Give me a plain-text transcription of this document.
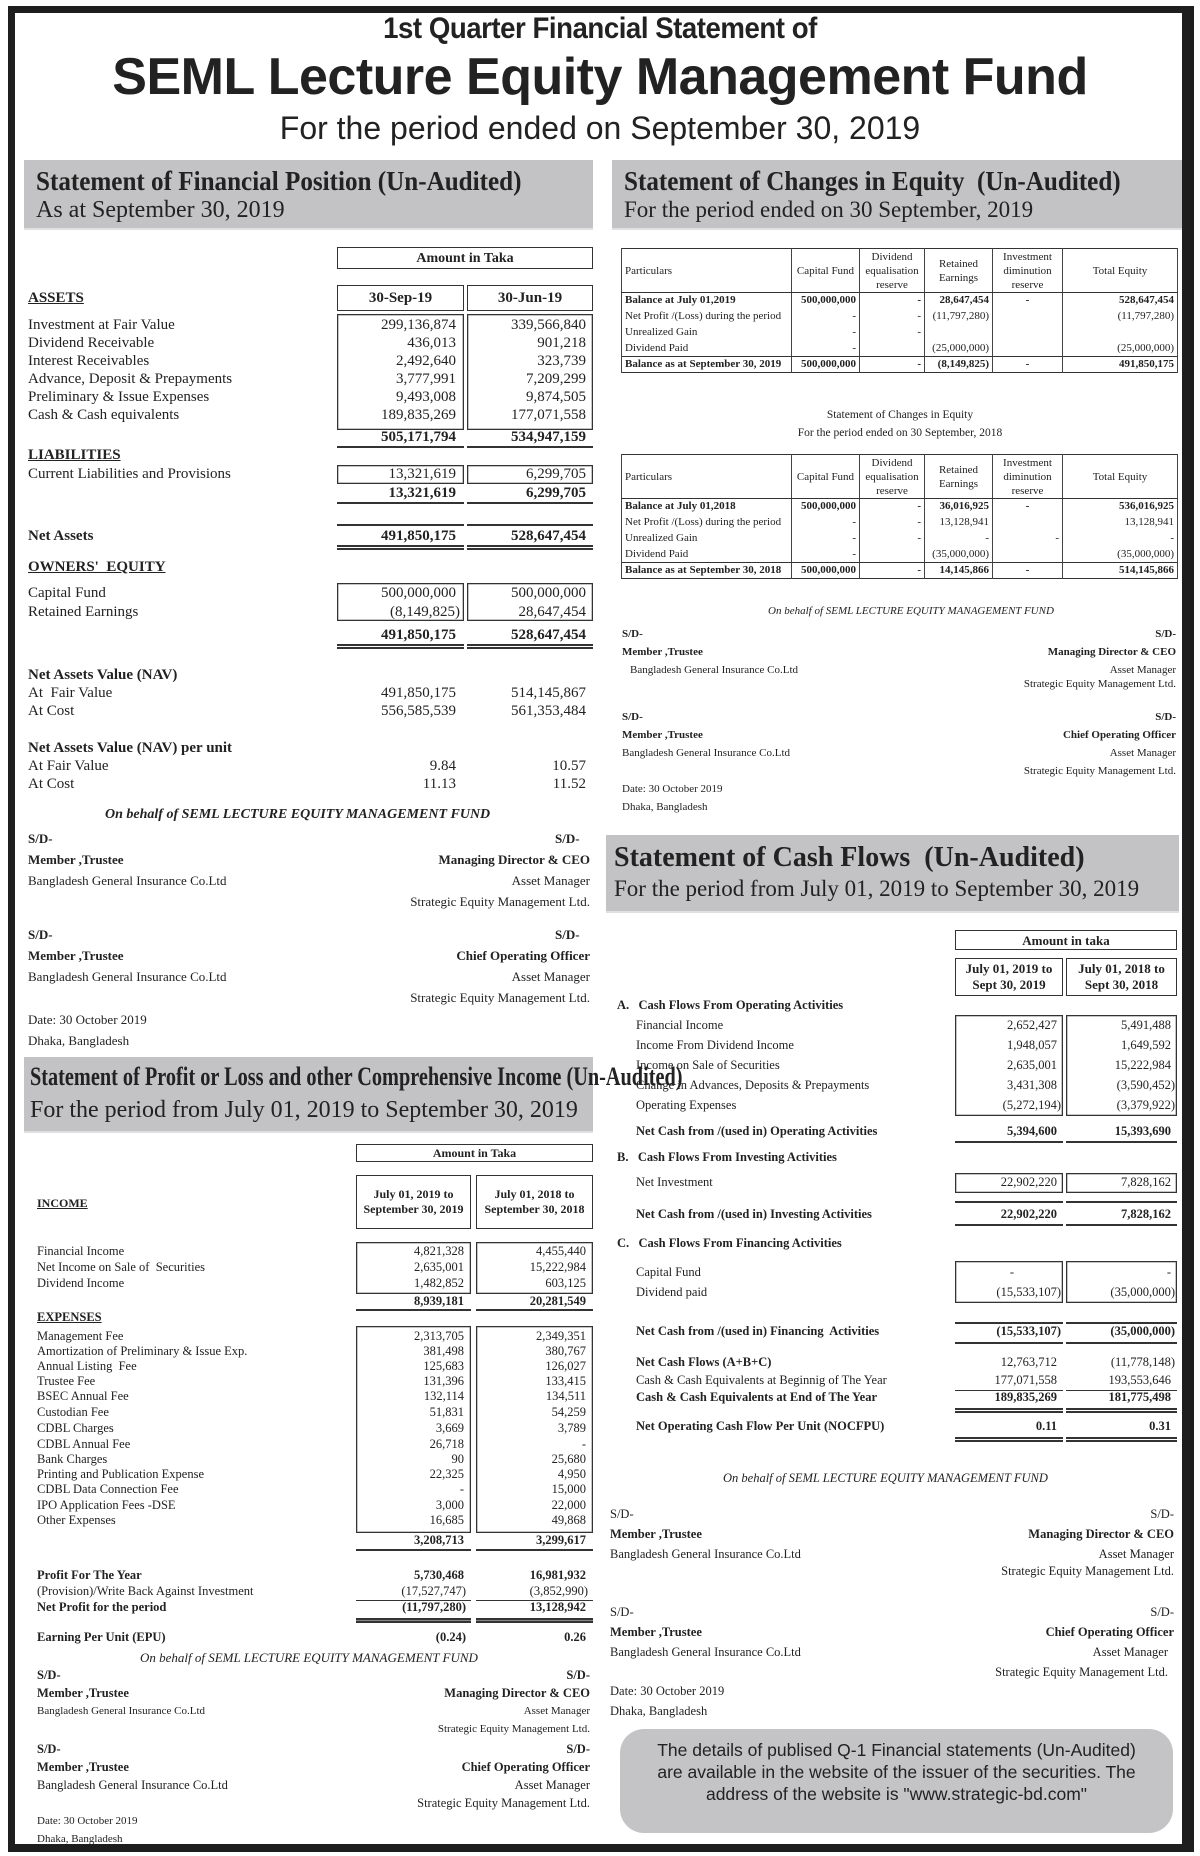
1st Quarter Financial Statement of
SEML Lecture Equity Management Fund
For the period ended on September 30, 2019
Statement of Financial Position (Un-Audited)
As at September 30, 2019
Amount in Taka
30-Sep-19	30-Jun-19
ASSETS
Investment at Fair Value	299,136,874	339,566,840
Dividend Receivable	436,013	901,218
Interest Receivables	2,492,640	323,739
Advance, Deposit & Prepayments	3,777,991	7,209,299
Preliminary & Issue Expenses	9,493,008	9,874,505
Cash & Cash equivalents	189,835,269	177,071,558
505,171,794	534,947,159
LIABILITIES
Current Liabilities and Provisions	13,321,619	6,299,705
13,321,619	6,299,705
Net Assets	491,850,175	528,647,454
OWNERS'  EQUITY
Capital Fund	500,000,000	500,000,000
Retained Earnings	(8,149,825)	28,647,454
491,850,175	528,647,454
Net Assets Value (NAV)
At  Fair Value	491,850,175	514,145,867
At Cost	556,585,539	561,353,484
Net Assets Value (NAV) per unit
At Fair Value	9.84	10.57
At Cost	11.13	11.52
On behalf of SEML LECTURE EQUITY MANAGEMENT FUND
S/D-	S/D-
Member ,Trustee	Managing Director & CEO
Bangladesh General Insurance Co.Ltd	Asset Manager
Strategic Equity Management Ltd.
S/D-	S/D-
Member ,Trustee	Chief Operating Officer
Bangladesh General Insurance Co.Ltd	Asset Manager
Strategic Equity Management Ltd.
Date: 30 October 2019
Dhaka, Bangladesh
Statement of Profit or Loss and other Comprehensive Income (Un-Audited)
For the period from July 01, 2019 to September 30, 2019
Amount in Taka
July 01, 2019 to
September 30, 2019
July 01, 2018 to
September 30, 2018
INCOME
Financial Income	4,821,328	4,455,440
Net Income on Sale of  Securities	2,635,001	15,222,984
Dividend Income	1,482,852	603,125
8,939,181	20,281,549
EXPENSES
Management Fee	2,313,705	2,349,351
Amortization of Preliminary & Issue Exp.	381,498	380,767
Annual Listing  Fee	125,683	126,027
Trustee Fee	131,396	133,415
BSEC Annual Fee	132,114	134,511
Custodian Fee	51,831	54,259
CDBL Charges	3,669	3,789
CDBL Annual Fee	26,718	-
Bank Charges	90	25,680
Printing and Publication Expense	22,325	4,950
CDBL Data Connection Fee	-	15,000
IPO Application Fees -DSE	3,000	22,000
Other Expenses	16,685	49,868
3,208,713	3,299,617
Profit For The Year	5,730,468	16,981,932
(Provision)/Write Back Against Investment	(17,527,747)	(3,852,990)
Net Profit for the period	(11,797,280)	13,128,942
Earning Per Unit (EPU)	(0.24)	0.26
On behalf of SEML LECTURE EQUITY MANAGEMENT FUND
S/D-	S/D-
Member ,Trustee	Managing Director & CEO
Bangladesh General Insurance Co.Ltd	Asset Manager
Strategic Equity Management Ltd.
S/D-	S/D-
Member ,Trustee	Chief Operating Officer
Bangladesh General Insurance Co.Ltd	Asset Manager
Strategic Equity Management Ltd.
Date: 30 October 2019
Dhaka, Bangladesh
Statement of Changes in Equity  (Un-Audited)
For the period ended on 30 September, 2019
Particulars	Capital Fund	Dividend equalisation reserve	Retained Earnings	Investment diminution reserve	Total Equity
Balance at July 01,2019	500,000,000	-	28,647,454	-	528,647,454
Net Profit /(Loss) during the period	-	-	(11,797,280)		(11,797,280)
Unrealized Gain	-	-			
Dividend Paid	-		(25,000,000)		(25,000,000)
Balance as at September 30, 2019	500,000,000	-	(8,149,825)	-	491,850,175
Statement of Changes in Equity
For the period ended on 30 September, 2018
Particulars	Capital Fund	Dividend equalisation reserve	Retained Earnings	Investment diminution reserve	Total Equity
Balance at July 01,2018	500,000,000	-	36,016,925	-	536,016,925
Net Profit /(Loss) during the period	-	-	13,128,941		13,128,941
Unrealized Gain	-	-	-	-	-
Dividend Paid	-		(35,000,000)		(35,000,000)
Balance as at September 30, 2018	500,000,000	-	14,145,866	-	514,145,866
On behalf of SEML LECTURE EQUITY MANAGEMENT FUND
S/D-	S/D-
Member ,Trustee	Managing Director & CEO
Bangladesh General Insurance Co.Ltd	Asset Manager
Strategic Equity Management Ltd.
S/D-	S/D-
Member ,Trustee	Chief Operating Officer
Bangladesh General Insurance Co.Ltd	Asset Manager
Strategic Equity Management Ltd.
Date: 30 October 2019
Dhaka, Bangladesh
Statement of Cash Flows  (Un-Audited)
For the period from July 01, 2019 to September 30, 2019
Amount in taka
July 01, 2019 to
Sept 30, 2019
July 01, 2018 to
Sept 30, 2018
A.   Cash Flows From Operating Activities
Financial Income	2,652,427	5,491,488
Income From Dividend Income	1,948,057	1,649,592
Income on Sale of Securities	2,635,001	15,222,984
Change in Advances, Deposits & Prepayments	3,431,308	(3,590,452)
Operating Expenses	(5,272,194)	(3,379,922)
Net Cash from /(used in) Operating Activities	5,394,600	15,393,690
B.   Cash Flows From Investing Activities
Net Investment	22,902,220	7,828,162
Net Cash from /(used in) Investing Activities	22,902,220	7,828,162
C.   Cash Flows From Financing Activities
Capital Fund	-	-
Dividend paid	(15,533,107)	(35,000,000)
Net Cash from /(used in) Financing  Activities	(15,533,107)	(35,000,000)
Net Cash Flows (A+B+C)	12,763,712	(11,778,148)
Cash & Cash Equivalents at Beginnig of The Year	177,071,558	193,553,646
Cash & Cash Equivalents at End of The Year	189,835,269	181,775,498
Net Operating Cash Flow Per Unit (NOCFPU)	0.11	0.31
On behalf of SEML LECTURE EQUITY MANAGEMENT FUND
S/D-	S/D-
Member ,Trustee	Managing Director & CEO
Bangladesh General Insurance Co.Ltd	Asset Manager
Strategic Equity Management Ltd.
S/D-	S/D-
Member ,Trustee	Chief Operating Officer
Bangladesh General Insurance Co.Ltd	Asset Manager
Strategic Equity Management Ltd.
Date: 30 October 2019
Dhaka, Bangladesh
The details of publised Q-1 Financial statements (Un-Audited)
are available in the website of the issuer of the securities. The
address of the website is "www.strategic-bd.com"
